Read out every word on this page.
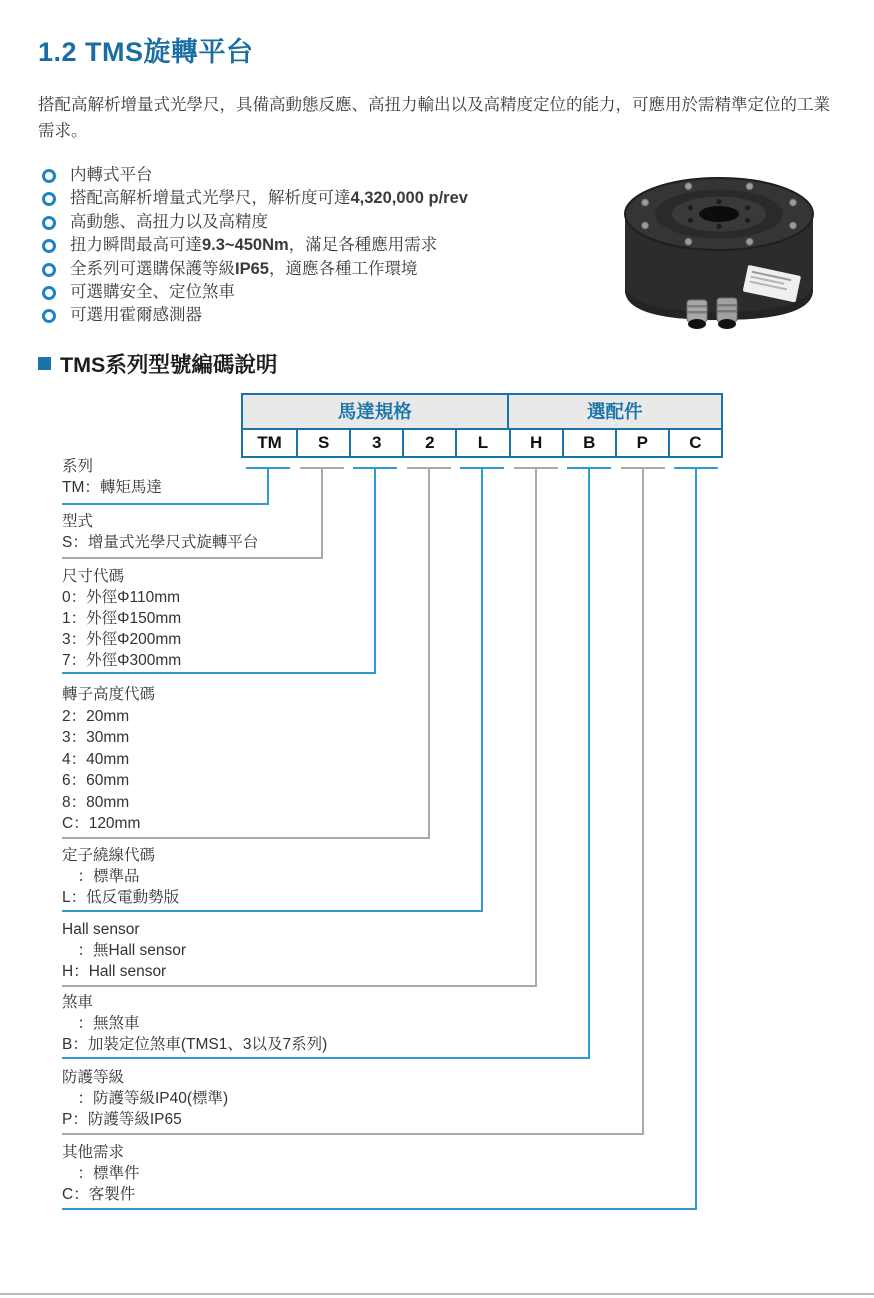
1.2 TMS旋轉平台
搭配高解析增量式光學尺，具備高動態反應、高扭力輸出以及高精度定位的能力，可應用於需精準定位的工業需求。
内轉式平台
搭配高解析增量式光學尺，解析度可達4,320,000 p/rev
高動態、高扭力以及高精度
扭力瞬間最高可達9.3~450Nm，滿足各種應用需求
全系列可選購保護等級IP65，適應各種工作環境
可選購安全、定位煞車
可選用霍爾感測器
TMS系列型號編碼說明
馬達規格	選配件
TM	S	3	2	L	H	B	P	C
系列
TM：轉矩馬達
型式
S：增量式光學尺式旋轉平台
尺寸代碼
0：外徑Φ110mm
1：外徑Φ150mm
3：外徑Φ200mm
7：外徑Φ300mm
轉子高度代碼
2：20mm
3：30mm
4：40mm
6：60mm
8：80mm
C：120mm
定子繞線代碼
　：標準品
L：低反電動勢版
Hall sensor
　：無Hall sensor
H：Hall sensor
煞車
　：無煞車
B：加裝定位煞車(TMS1、3以及7系列)
防護等級
　：防護等級IP40(標準)
P：防護等級IP65
其他需求
　：標準件
C：客製件
